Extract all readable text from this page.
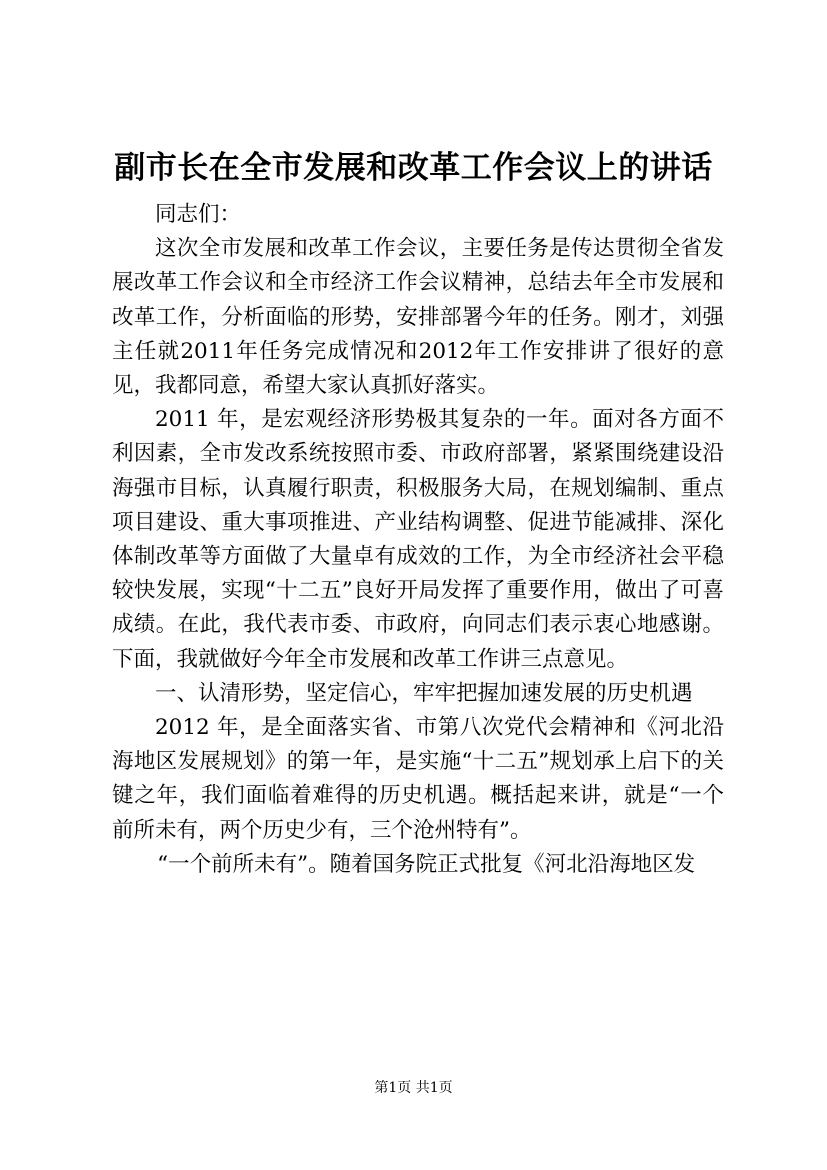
副市长在全市发展和改革工作会议上的讲话

同志们：

这次全市发展和改革工作会议，主要任务是传达贯彻全省发展改革工作会议和全市经济工作会议精神，总结去年全市发展和改革工作，分析面临的形势，安排部署今年的任务。刚才，刘强主任就2011年任务完成情况和2012年工作安排讲了很好的意见，我都同意，希望大家认真抓好落实。

2011 年，是宏观经济形势极其复杂的一年。面对各方面不利因素，全市发改系统按照市委、市政府部署，紧紧围绕建设沿海强市目标，认真履行职责，积极服务大局，在规划编制、重点项目建设、重大事项推进、产业结构调整、促进节能减排、深化体制改革等方面做了大量卓有成效的工作，为全市经济社会平稳较快发展，实现“十二五”良好开局发挥了重要作用，做出了可喜成绩。在此，我代表市委、市政府，向同志们表示衷心地感谢。下面，我就做好今年全市发展和改革工作讲三点意见。

一、认清形势，坚定信心，牢牢把握加速发展的历史机遇

2012 年，是全面落实省、市第八次党代会精神和《河北沿海地区发展规划》的第一年，是实施“十二五”规划承上启下的关键之年，我们面临着难得的历史机遇。概括起来讲，就是“一个前所未有，两个历史少有，三个沧州特有”。

“一个前所未有”。随着国务院正式批复《河北沿海地区发

第1页 共1页
